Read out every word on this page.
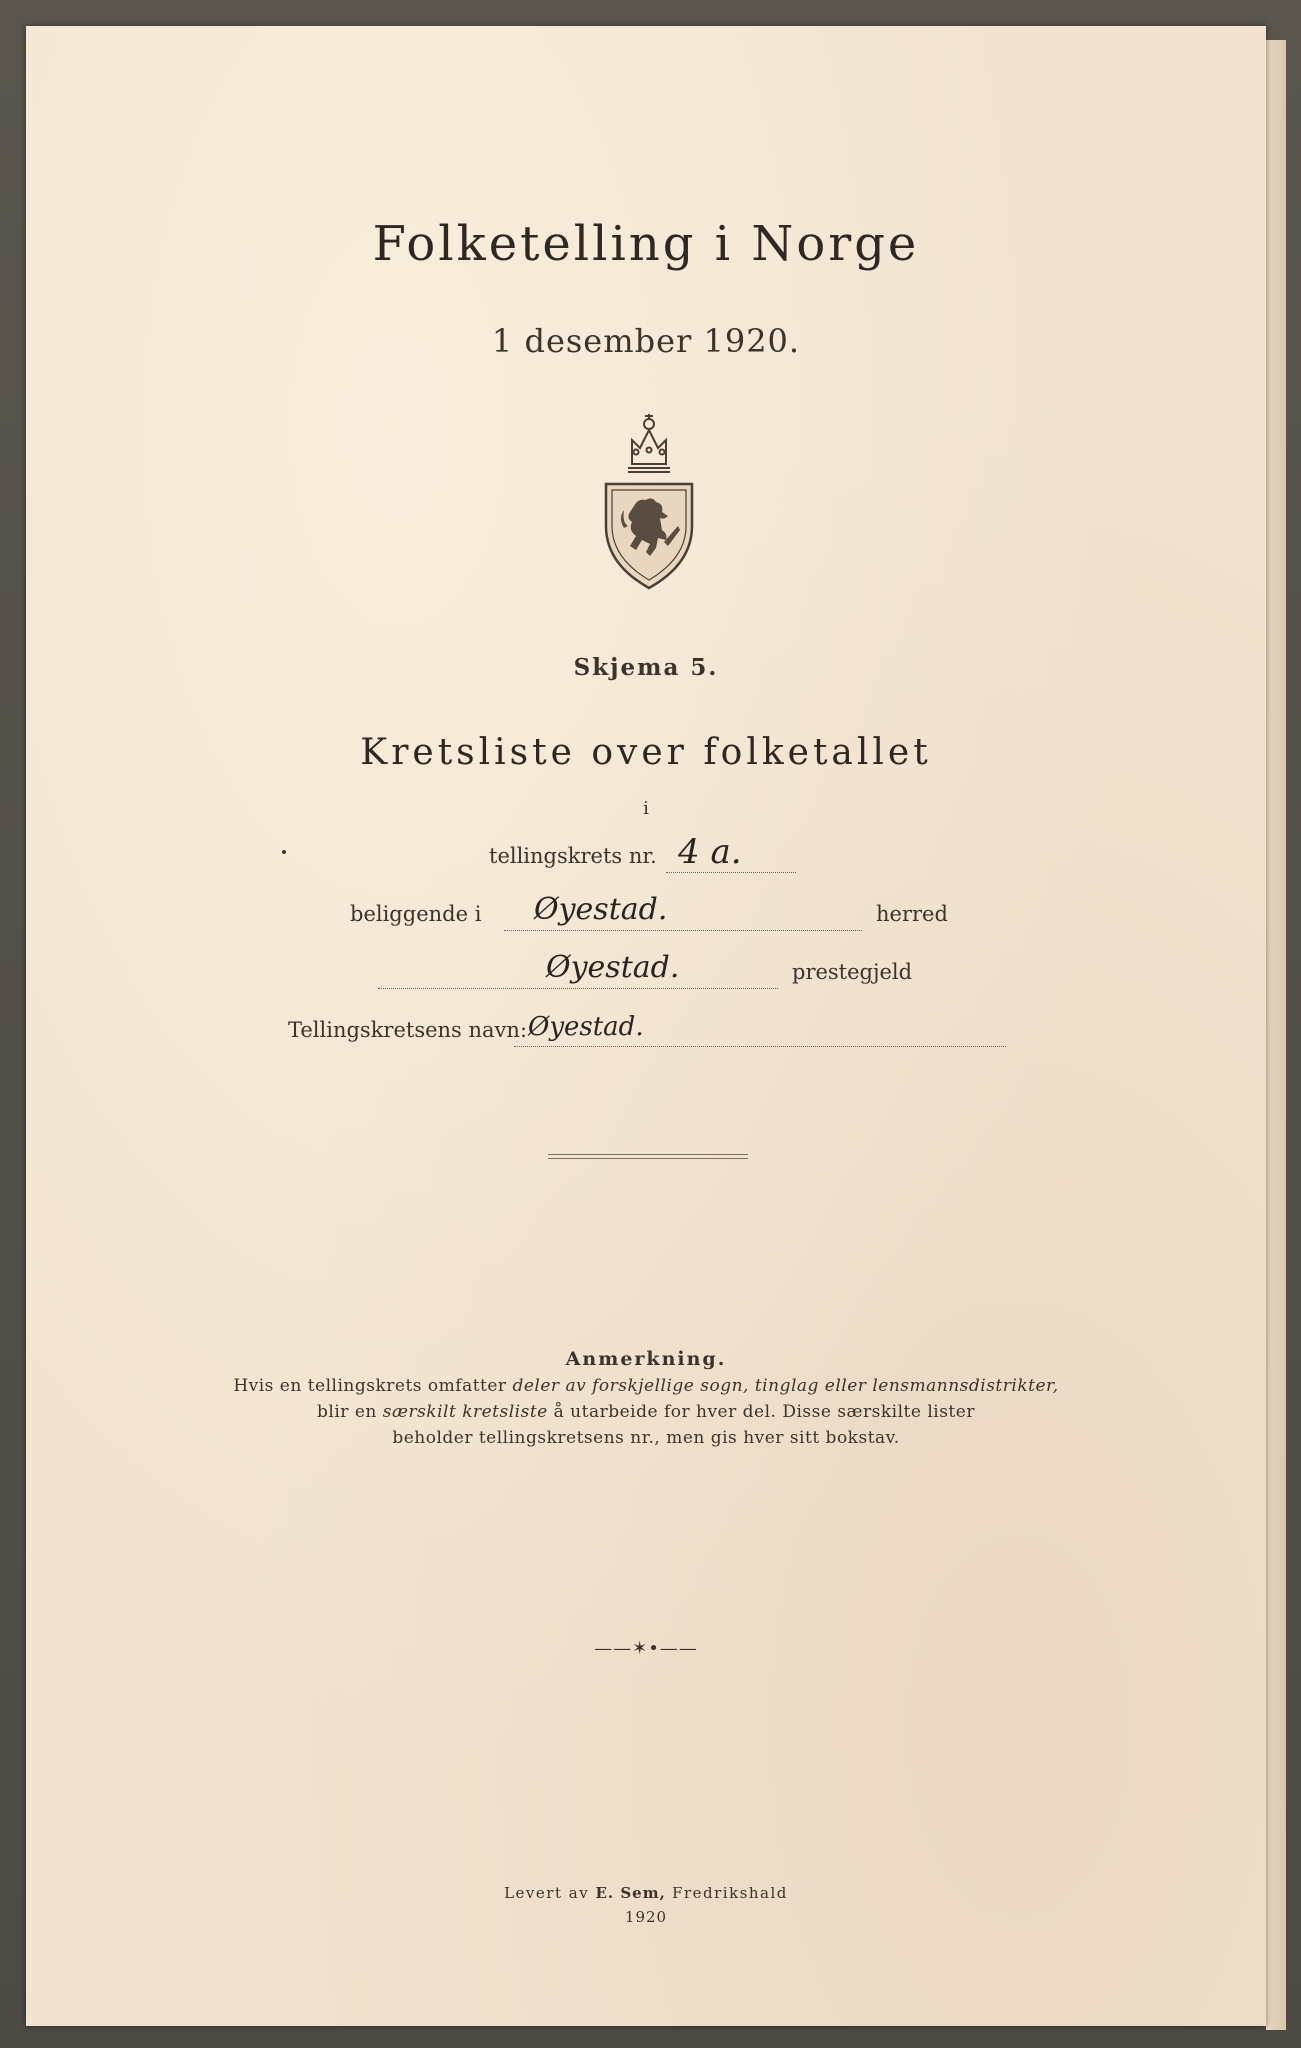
Folketelling i Norge
1 desember 1920.
Skjema 5.
Kretsliste over folketallet
i
tellingskrets nr. 4 a.
beliggende i Øyestad.	herred
Øyestad.	prestegjeld
Tellingskretsens navn: Øyestad.
Anmerkning.
Hvis en tellingskrets omfatter deler av forskjellige sogn, tinglag eller lensmannsdistrikter,
blir en særskilt kretsliste å utarbeide for hver del. Disse særskilte lister
beholder tellingskretsens nr., men gis hver sitt bokstav.
——✶•——
Levert av E. Sem, Fredrikshald
1920
